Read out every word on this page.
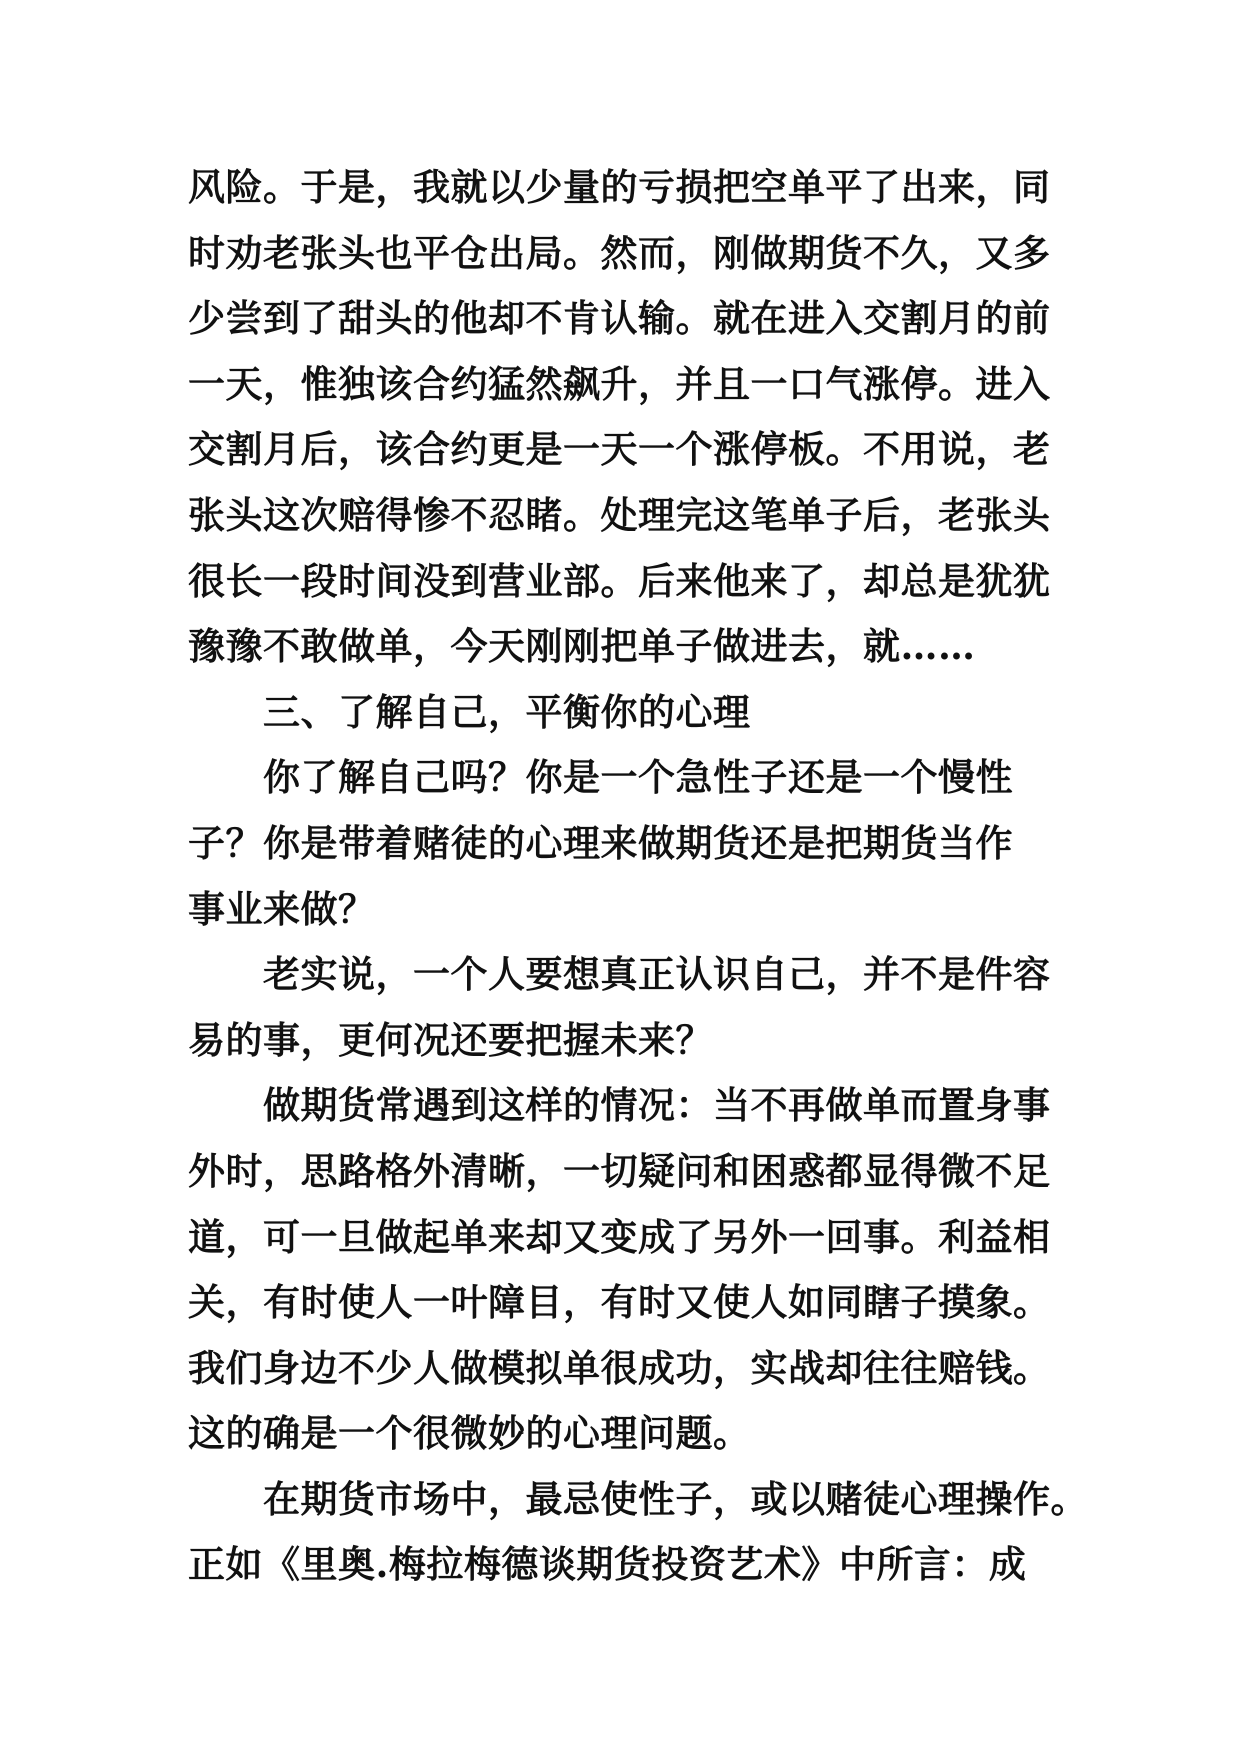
风险。于是，我就以少量的亏损把空单平了出来，同
时劝老张头也平仓出局。然而，刚做期货不久，又多
少尝到了甜头的他却不肯认输。就在进入交割月的前
一天，惟独该合约猛然飙升，并且一口气涨停。进入
交割月后，该合约更是一天一个涨停板。不用说，老
张头这次赔得惨不忍睹。处理完这笔单子后，老张头
很长一段时间没到营业部。后来他来了，却总是犹犹
豫豫不敢做单，今天刚刚把单子做进去，就……
三、了解自己，平衡你的心理
你了解自己吗？你是一个急性子还是一个慢性
子？你是带着赌徒的心理来做期货还是把期货当作
事业来做？
老实说，一个人要想真正认识自己，并不是件容
易的事，更何况还要把握未来？
做期货常遇到这样的情况：当不再做单而置身事
外时，思路格外清晰，一切疑问和困惑都显得微不足
道，可一旦做起单来却又变成了另外一回事。利益相
关，有时使人一叶障目，有时又使人如同瞎子摸象。
我们身边不少人做模拟单很成功，实战却往往赔钱。
这的确是一个很微妙的心理问题。
在期货市场中，最忌使性子，或以赌徒心理操作。
正如《里奥.梅拉梅德谈期货投资艺术》中所言：成
